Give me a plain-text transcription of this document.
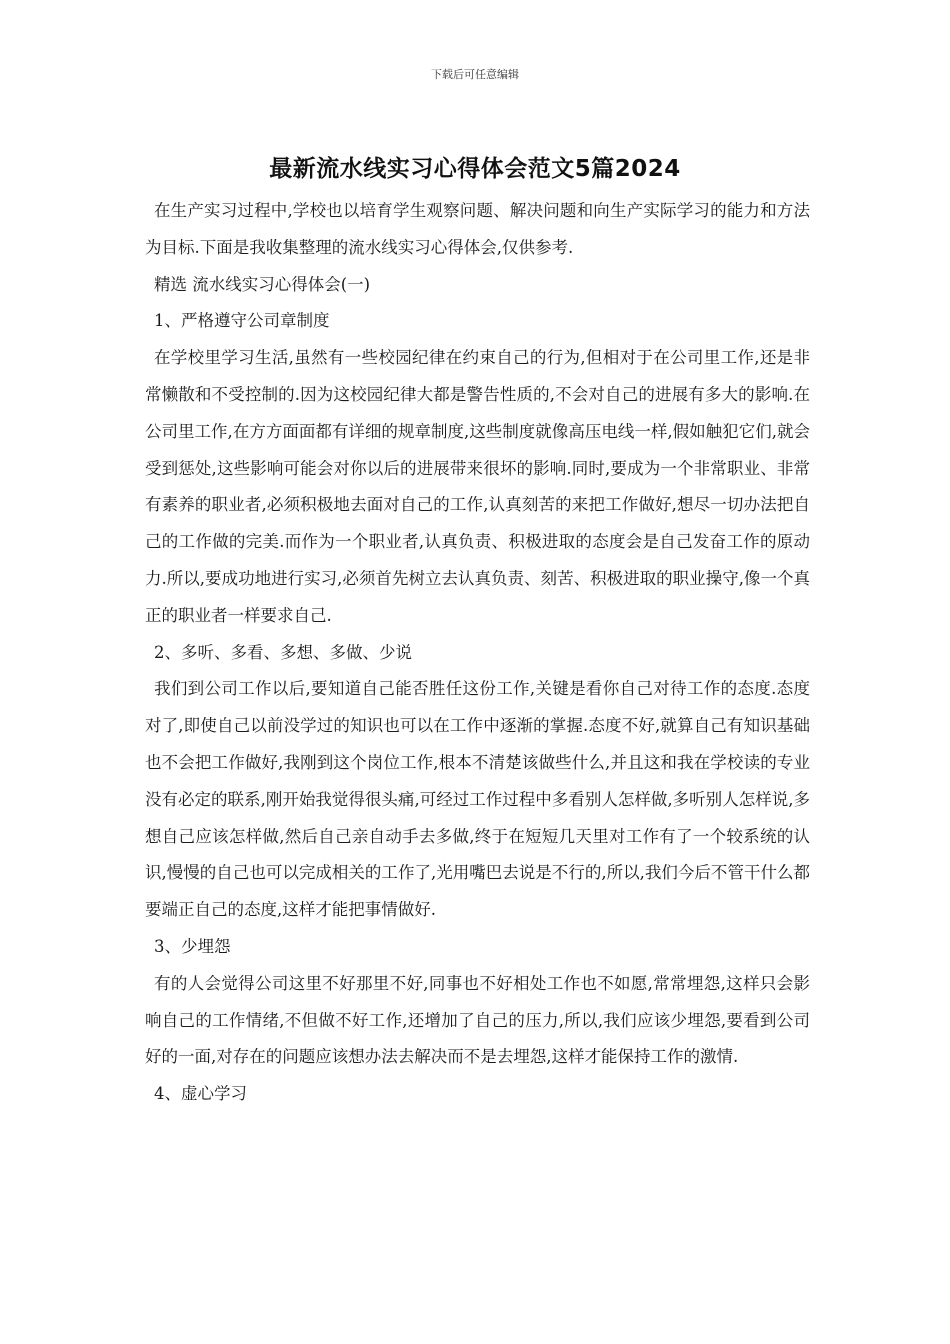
下载后可任意编辑
最新流水线实习心得体会范文5篇2024

在生产实习过程中,学校也以培育学生观察问题、解决问题和向生产实际学习的能力和方法为目标.下面是我收集整理的流水线实习心得体会,仅供参考.

精选 流水线实习心得体会(一)

1、严格遵守公司章制度

在学校里学习生活,虽然有一些校园纪律在约束自己的行为,但相对于在公司里工作,还是非常懒散和不受控制的.因为这校园纪律大都是警告性质的,不会对自己的进展有多大的影响.在公司里工作,在方方面面都有详细的规章制度,这些制度就像高压电线一样,假如触犯它们,就会受到惩处,这些影响可能会对你以后的进展带来很坏的影响.同时,要成为一个非常职业、非常有素养的职业者,必须积极地去面对自己的工作,认真刻苦的来把工作做好,想尽一切办法把自己的工作做的完美.而作为一个职业者,认真负责、积极进取的态度会是自己发奋工作的原动力.所以,要成功地进行实习,必须首先树立去认真负责、刻苦、积极进取的职业操守,像一个真正的职业者一样要求自己.

2、多听、多看、多想、多做、少说

我们到公司工作以后,要知道自己能否胜任这份工作,关键是看你自己对待工作的态度.态度对了,即使自己以前没学过的知识也可以在工作中逐渐的掌握.态度不好,就算自己有知识基础也不会把工作做好,我刚到这个岗位工作,根本不清楚该做些什么,并且这和我在学校读的专业没有必定的联系,刚开始我觉得很头痛,可经过工作过程中多看别人怎样做,多听别人怎样说,多想自己应该怎样做,然后自己亲自动手去多做,终于在短短几天里对工作有了一个较系统的认识,慢慢的自己也可以完成相关的工作了,光用嘴巴去说是不行的,所以,我们今后不管干什么都要端正自己的态度,这样才能把事情做好.

3、少埋怨

有的人会觉得公司这里不好那里不好,同事也不好相处工作也不如愿,常常埋怨,这样只会影响自己的工作情绪,不但做不好工作,还增加了自己的压力,所以,我们应该少埋怨,要看到公司好的一面,对存在的问题应该想办法去解决而不是去埋怨,这样才能保持工作的激情.

4、虚心学习
